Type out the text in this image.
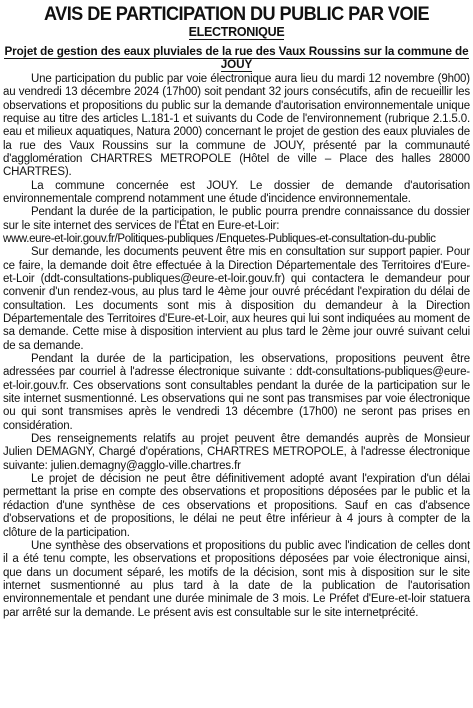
AVIS DE PARTICIPATION DU PUBLIC PAR VOIE
ELECTRONIQUE
Projet de gestion des eaux pluviales de la rue des Vaux Roussins sur la commune de JOUY

Une participation du public par voie électronique aura lieu du mardi 12 novembre (9h00) au vendredi 13 décembre 2024 (17h00) soit pendant 32 jours consécutifs, afin de recueillir les observations et propositions du public sur la demande d'autorisation environnementale unique requise au titre des articles L.181-1 et suivants du Code de l'environnement (rubrique 2.1.5.0. eau et milieux aquatiques, Natura 2000) concernant le projet de gestion des eaux pluviales de la rue des Vaux Roussins sur la commune de JOUY, présenté par la communauté d'agglomération CHARTRES METROPOLE (Hôtel de ville – Place des halles 28000 CHARTRES).

La commune concernée est JOUY. Le dossier de demande d'autorisation environnementale comprend notamment une étude d'incidence environnementale.

Pendant la durée de la participation, le public pourra prendre connaissance du dossier sur le site internet des services de l'État en Eure-et-Loir:

www.eure-et-loir.gouv.fr/Politiques-publiques /Enquetes-Publiques-et-consultation-du-public

Sur demande, les documents peuvent être mis en consultation sur support papier. Pour ce faire, la demande doit être effectuée à la Direction Départementale des Territoires d'Eure-et-Loir (ddt-consultations-publiques@eure-et-loir.gouv.fr) qui contactera le demandeur pour convenir d'un rendez-vous, au plus tard le 4ème jour ouvré précédant l'expiration du délai de consultation. Les documents sont mis à disposition du demandeur à la Direction Départementale des Territoires d'Eure-et-Loir, aux heures qui lui sont indiquées au moment de sa demande. Cette mise à disposition intervient au plus tard le 2ème jour ouvré suivant celui de sa demande.

Pendant la durée de la participation, les observations, propositions peuvent être adressées par courriel à l'adresse électronique suivante : ddt-consultations-publiques@eure-et-loir.gouv.fr. Ces observations sont consultables pendant la durée de la participation sur le site internet susmentionné. Les observations qui ne sont pas transmises par voie électronique ou qui sont transmises après le vendredi 13 décembre (17h00) ne seront pas prises en considération.

Des renseignements relatifs au projet peuvent être demandés auprès de Monsieur Julien DEMAGNY, Chargé d'opérations, CHARTRES METROPOLE, à l'adresse électronique suivante: julien.demagny@agglo-ville.chartres.fr

Le projet de décision ne peut être définitivement adopté avant l'expiration d'un délai permettant la prise en compte des observations et propositions déposées par le public et la rédaction d'une synthèse de ces observations et propositions. Sauf en cas d'absence d'observations et de propositions, le délai ne peut être inférieur à 4 jours à compter de la clôture de la participation.

Une synthèse des observations et propositions du public avec l'indication de celles dont il a été tenu compte, les observations et propositions déposées par voie électronique ainsi, que dans un document séparé, les motifs de la décision, sont mis à disposition sur le site internet susmentionné au plus tard à la date de la publication de l'autorisation environnementale et pendant une durée minimale de 3 mois. Le Préfet d'Eure-et-loir statuera par arrêté sur la demande. Le présent avis est consultable sur le site internetprécité.
